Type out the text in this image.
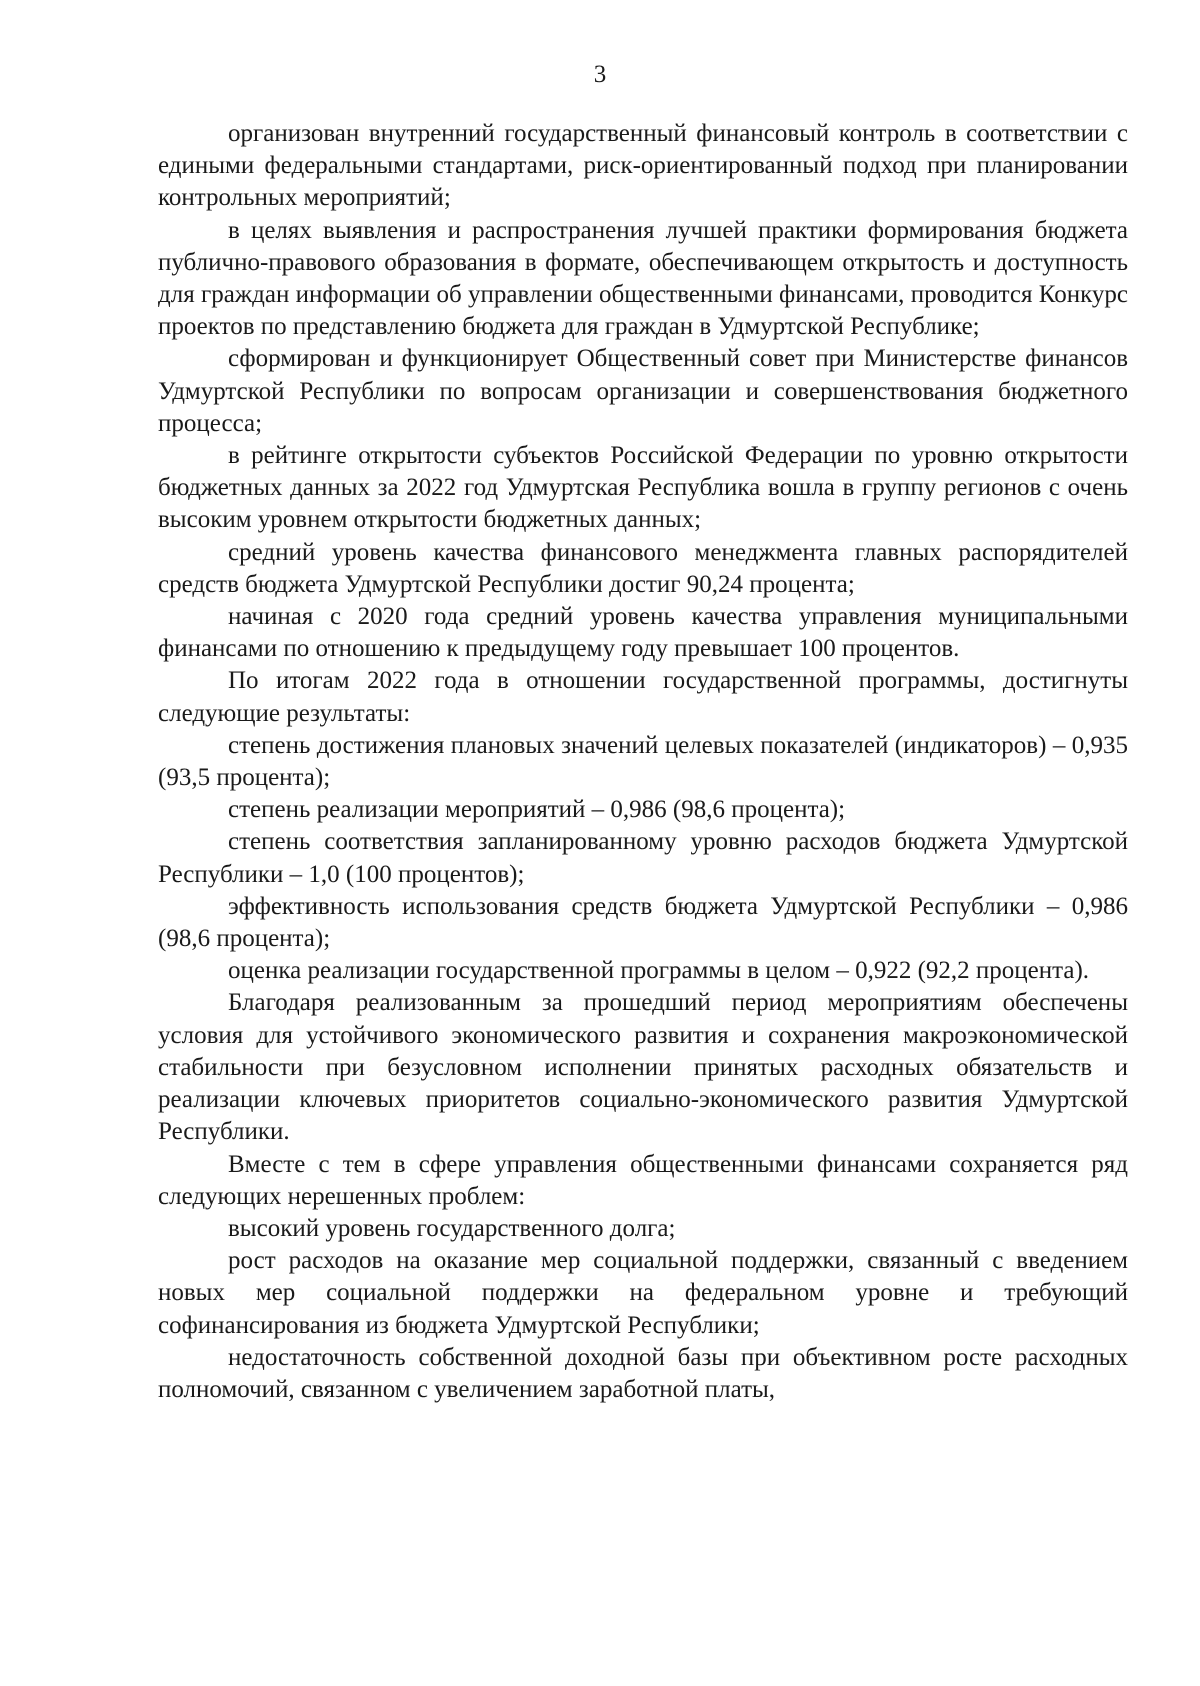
3

организован внутренний государственный финансовый контроль в соответствии с едиными федеральными стандартами, риск-ориентированный подход при планировании контрольных мероприятий;

в целях выявления и распространения лучшей практики формирования бюджета публично-правового образования в формате, обеспечивающем открытость и доступность для граждан информации об управлении общественными финансами, проводится Конкурс проектов по представлению бюджета для граждан в Удмуртской Республике;

сформирован и функционирует Общественный совет при Министерстве финансов Удмуртской Республики по вопросам организации и совершенствования бюджетного процесса;

в рейтинге открытости субъектов Российской Федерации по уровню открытости бюджетных данных за 2022 год Удмуртская Республика вошла в группу регионов с очень высоким уровнем открытости бюджетных данных;

средний уровень качества финансового менеджмента главных распорядителей средств бюджета Удмуртской Республики достиг 90,24 процента;

начиная с 2020 года средний уровень качества управления муниципальными финансами по отношению к предыдущему году превышает 100 процентов.

По итогам 2022 года в отношении государственной программы, достигнуты следующие результаты:

степень достижения плановых значений целевых показателей (индикаторов) – 0,935 (93,5 процента);

степень реализации мероприятий – 0,986 (98,6 процента);

степень соответствия запланированному уровню расходов бюджета Удмуртской Республики – 1,0 (100 процентов);

эффективность использования средств бюджета Удмуртской Республики – 0,986 (98,6 процента);

оценка реализации государственной программы в целом – 0,922 (92,2 процента).

Благодаря реализованным за прошедший период мероприятиям обеспечены условия для устойчивого экономического развития и сохранения макроэкономической стабильности при безусловном исполнении принятых расходных обязательств и реализации ключевых приоритетов социально-экономического развития Удмуртской Республики.

Вместе с тем в сфере управления общественными финансами сохраняется ряд следующих нерешенных проблем:

высокий уровень государственного долга;

рост расходов на оказание мер социальной поддержки, связанный с введением новых мер социальной поддержки на федеральном уровне и требующий софинансирования из бюджета Удмуртской Республики;

недостаточность собственной доходной базы при объективном росте расходных полномочий, связанном с увеличением заработной платы,
